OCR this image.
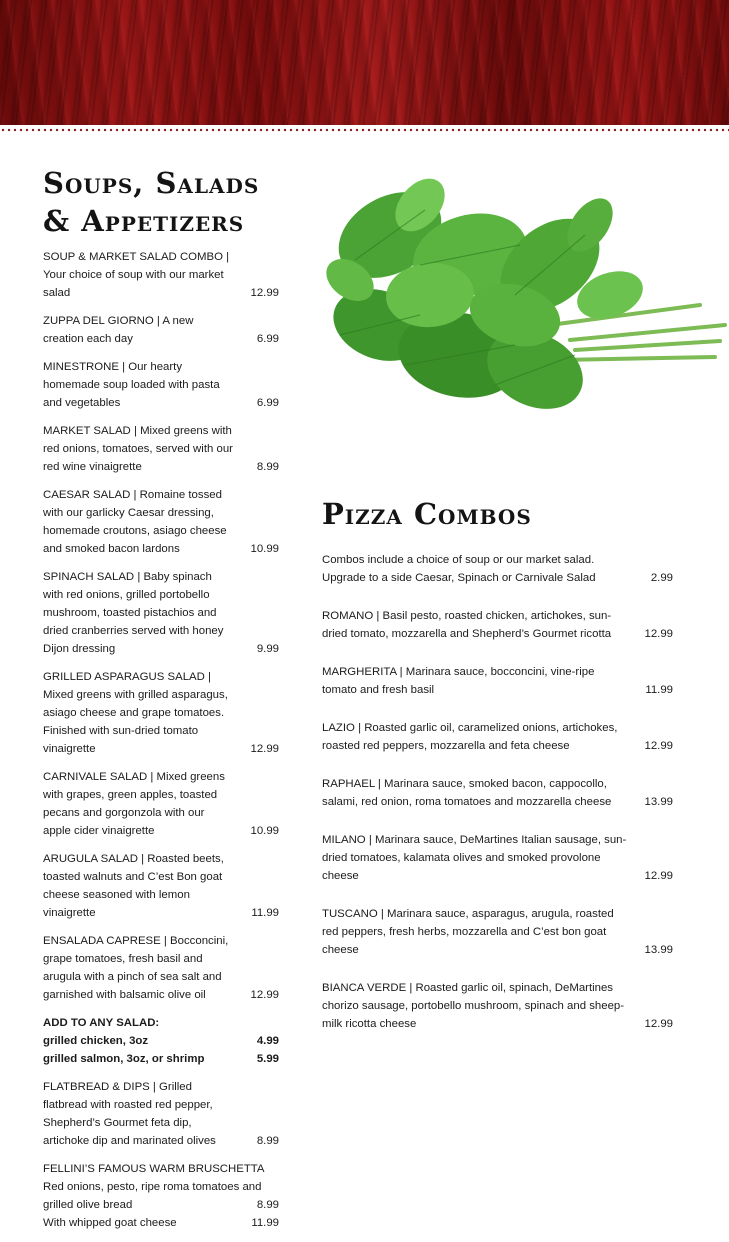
Soups, Salads
& Appetizers
SOUP & MARKET SALAD COMBO | Your choice of soup with our market salad	12.99
ZUPPA DEL GIORNO | A new creation each day	6.99
MINESTRONE | Our hearty homemade soup loaded with pasta and vegetables	6.99
MARKET SALAD | Mixed greens with red onions, tomatoes, served with our red wine vinaigrette	8.99
CAESAR SALAD | Romaine tossed with our garlicky Caesar dressing, homemade croutons, asiago cheese and smoked bacon lardons	10.99
SPINACH SALAD | Baby spinach with red onions, grilled portobello mushroom, toasted pistachios and dried cranberries served with honey Dijon dressing	9.99
GRILLED ASPARAGUS SALAD | Mixed greens with grilled asparagus, asiago cheese and grape tomatoes. Finished with sun-dried tomato vinaigrette	12.99
CARNIVALE SALAD | Mixed greens with grapes, green apples, toasted pecans and gorgonzola with our apple cider vinaigrette	10.99
ARUGULA SALAD | Roasted beets, toasted walnuts and C’est Bon goat cheese seasoned with lemon vinaigrette	11.99
ENSALADA CAPRESE | Bocconcini, grape tomatoes, fresh basil and arugula with a pinch of sea salt and garnished with balsamic olive oil	12.99
ADD TO ANY SALAD:
grilled chicken, 3oz	4.99
grilled salmon, 3oz, or shrimp	5.99
FLATBREAD & DIPS | Grilled flatbread with roasted red pepper, Shepherd’s Gourmet feta dip, artichoke dip and marinated olives	8.99
FELLINI’S FAMOUS WARM BRUSCHETTA
Red onions, pesto, ripe roma tomatoes and
grilled olive bread	8.99
With whipped goat cheese	11.99
Pizza Combos
Combos include a choice of soup or our market salad.
Upgrade to a side Caesar, Spinach or Carnivale Salad	2.99
ROMANO | Basil pesto, roasted chicken, artichokes, sun-dried tomato, mozzarella and Shepherd’s Gourmet ricotta	12.99
MARGHERITA | Marinara sauce, bocconcini, vine-ripe tomato and fresh basil	11.99
LAZIO | Roasted garlic oil, caramelized onions, artichokes, roasted red peppers, mozzarella and feta cheese	12.99
RAPHAEL | Marinara sauce, smoked bacon, cappocollo, salami, red onion, roma tomatoes and mozzarella cheese	13.99
MILANO | Marinara sauce, DeMartines Italian sausage, sun-dried tomatoes, kalamata olives and smoked provolone cheese	12.99
TUSCANO | Marinara sauce, asparagus, arugula, roasted red peppers, fresh herbs, mozzarella and C’est bon goat cheese	13.99
BIANCA VERDE | Roasted garlic oil, spinach, DeMartines chorizo sausage, portobello mushroom, spinach and sheep-milk ricotta cheese	12.99
